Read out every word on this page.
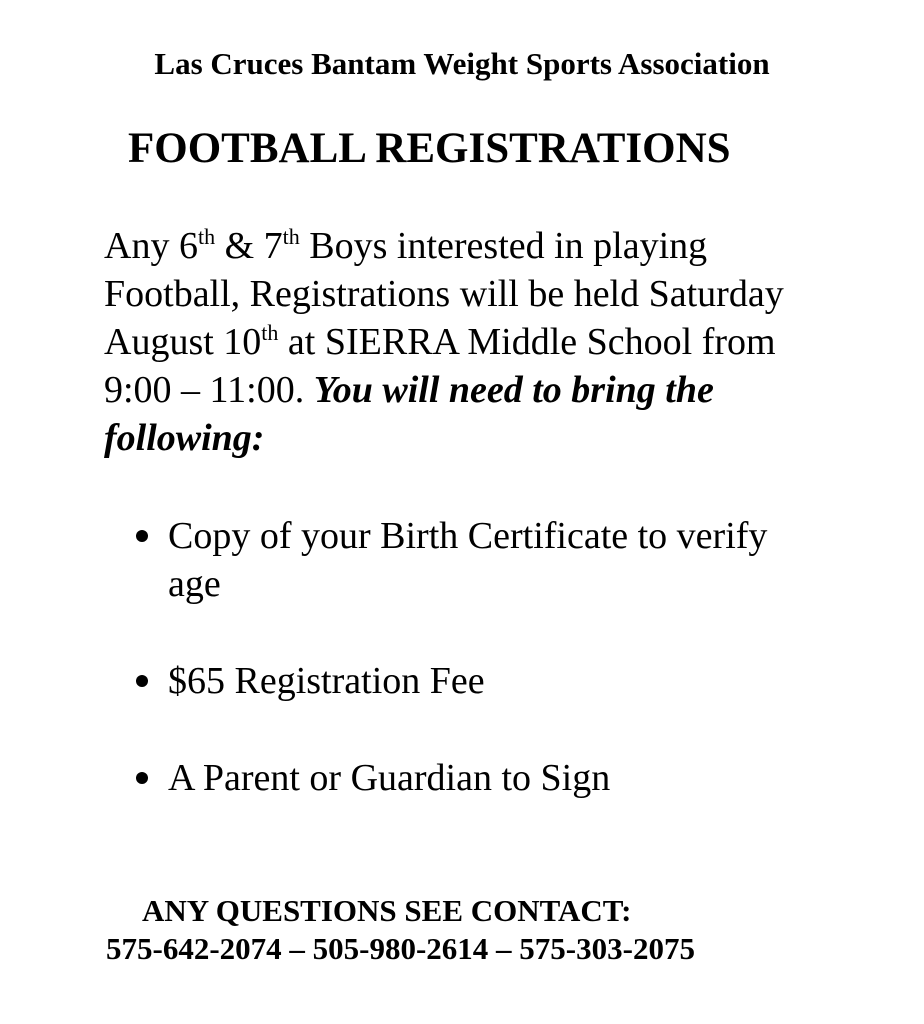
Las Cruces Bantam Weight Sports Association
FOOTBALL REGISTRATIONS
Any 6th & 7th Boys interested in playing
Football, Registrations will be held Saturday
August 10th at SIERRA Middle School from
9:00 – 11:00. You will need to bring the
following:
Copy of your Birth Certificate to verify
age
$65 Registration Fee
A Parent or Guardian to Sign
ANY QUESTIONS SEE CONTACT:
575-642-2074 – 505-980-2614 – 575-303-2075
